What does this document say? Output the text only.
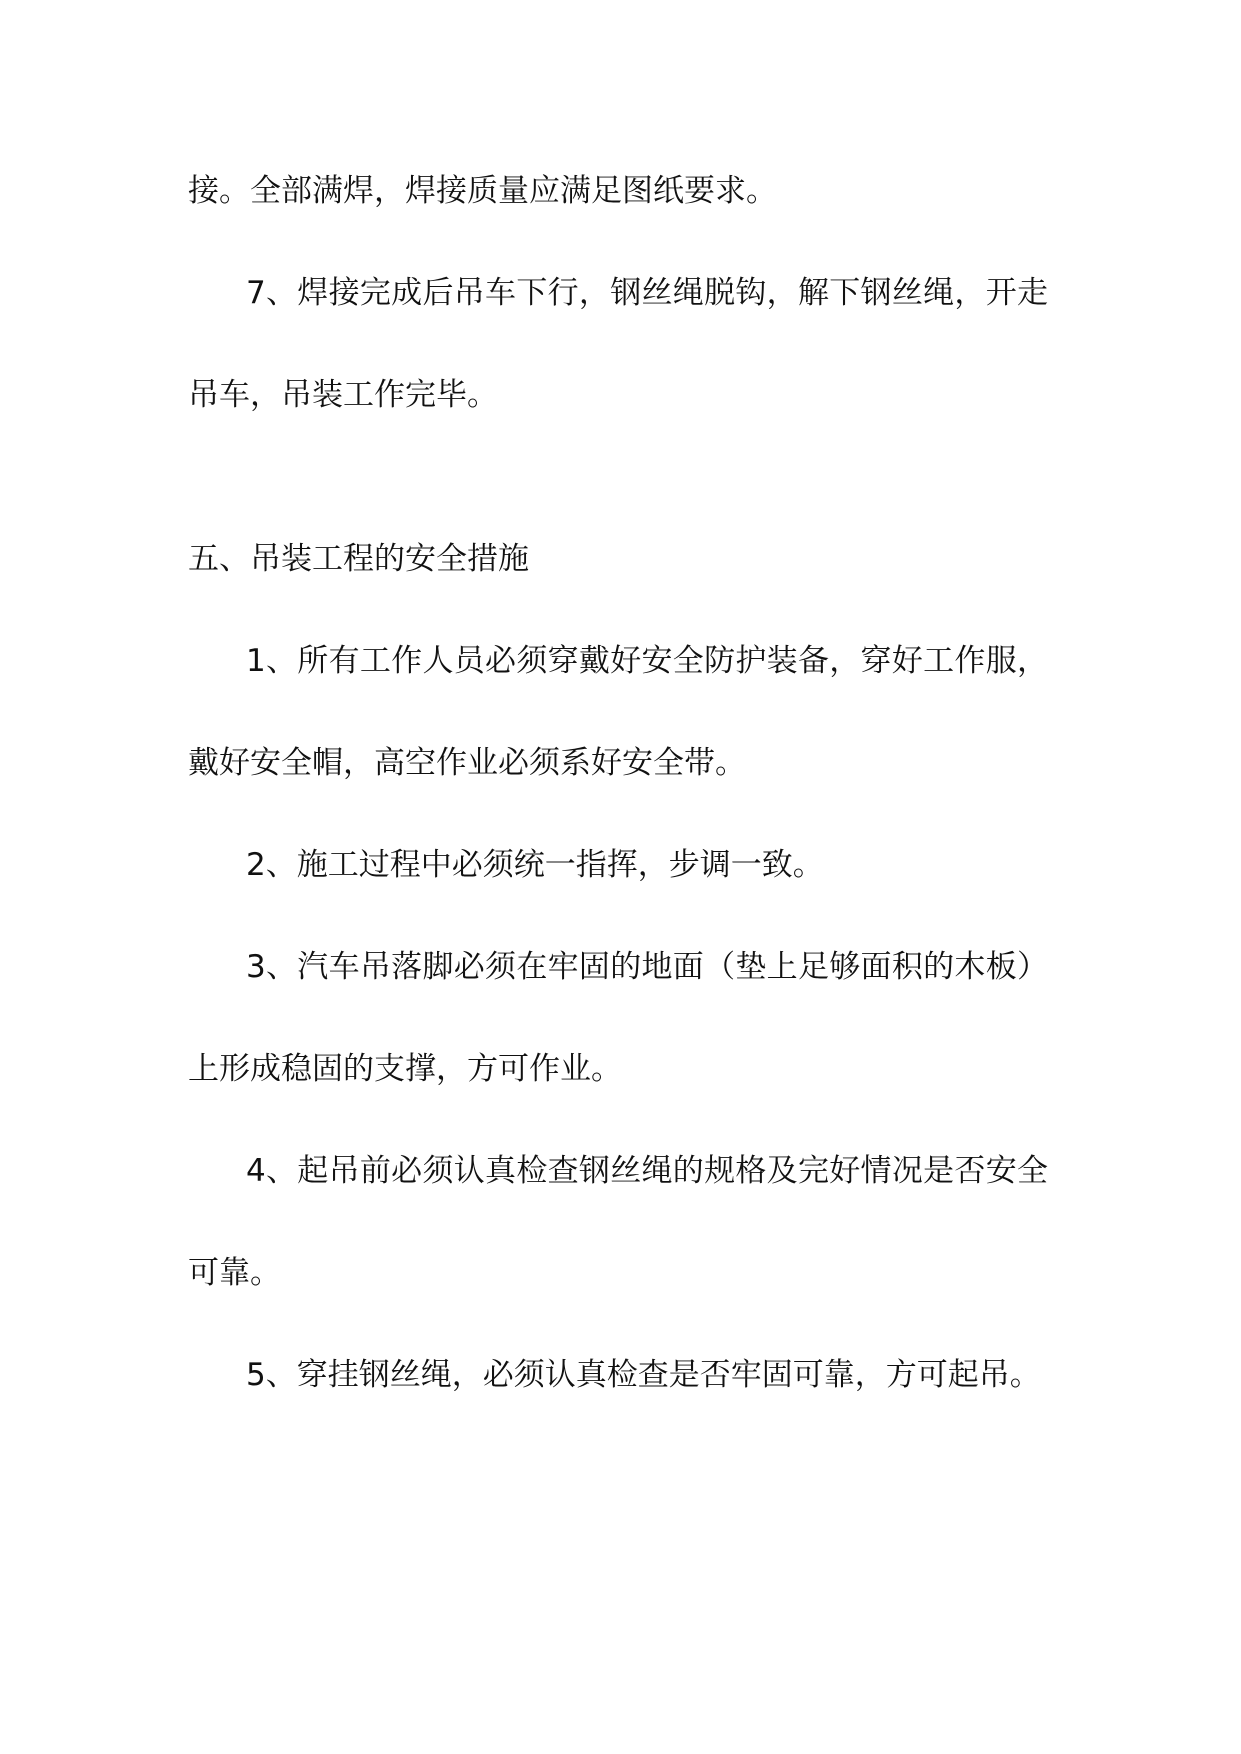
接。全部满焊，焊接质量应满足图纸要求。

7、焊接完成后吊车下行，钢丝绳脱钩，解下钢丝绳，开走吊车，吊装工作完毕。

五、吊装工程的安全措施

1、所有工作人员必须穿戴好安全防护装备，穿好工作服，戴好安全帽，高空作业必须系好安全带。

2、施工过程中必须统一指挥，步调一致。

3、汽车吊落脚必须在牢固的地面（垫上足够面积的木板）上形成稳固的支撑，方可作业。

4、起吊前必须认真检查钢丝绳的规格及完好情况是否安全可靠。

5、穿挂钢丝绳，必须认真检查是否牢固可靠，方可起吊。
